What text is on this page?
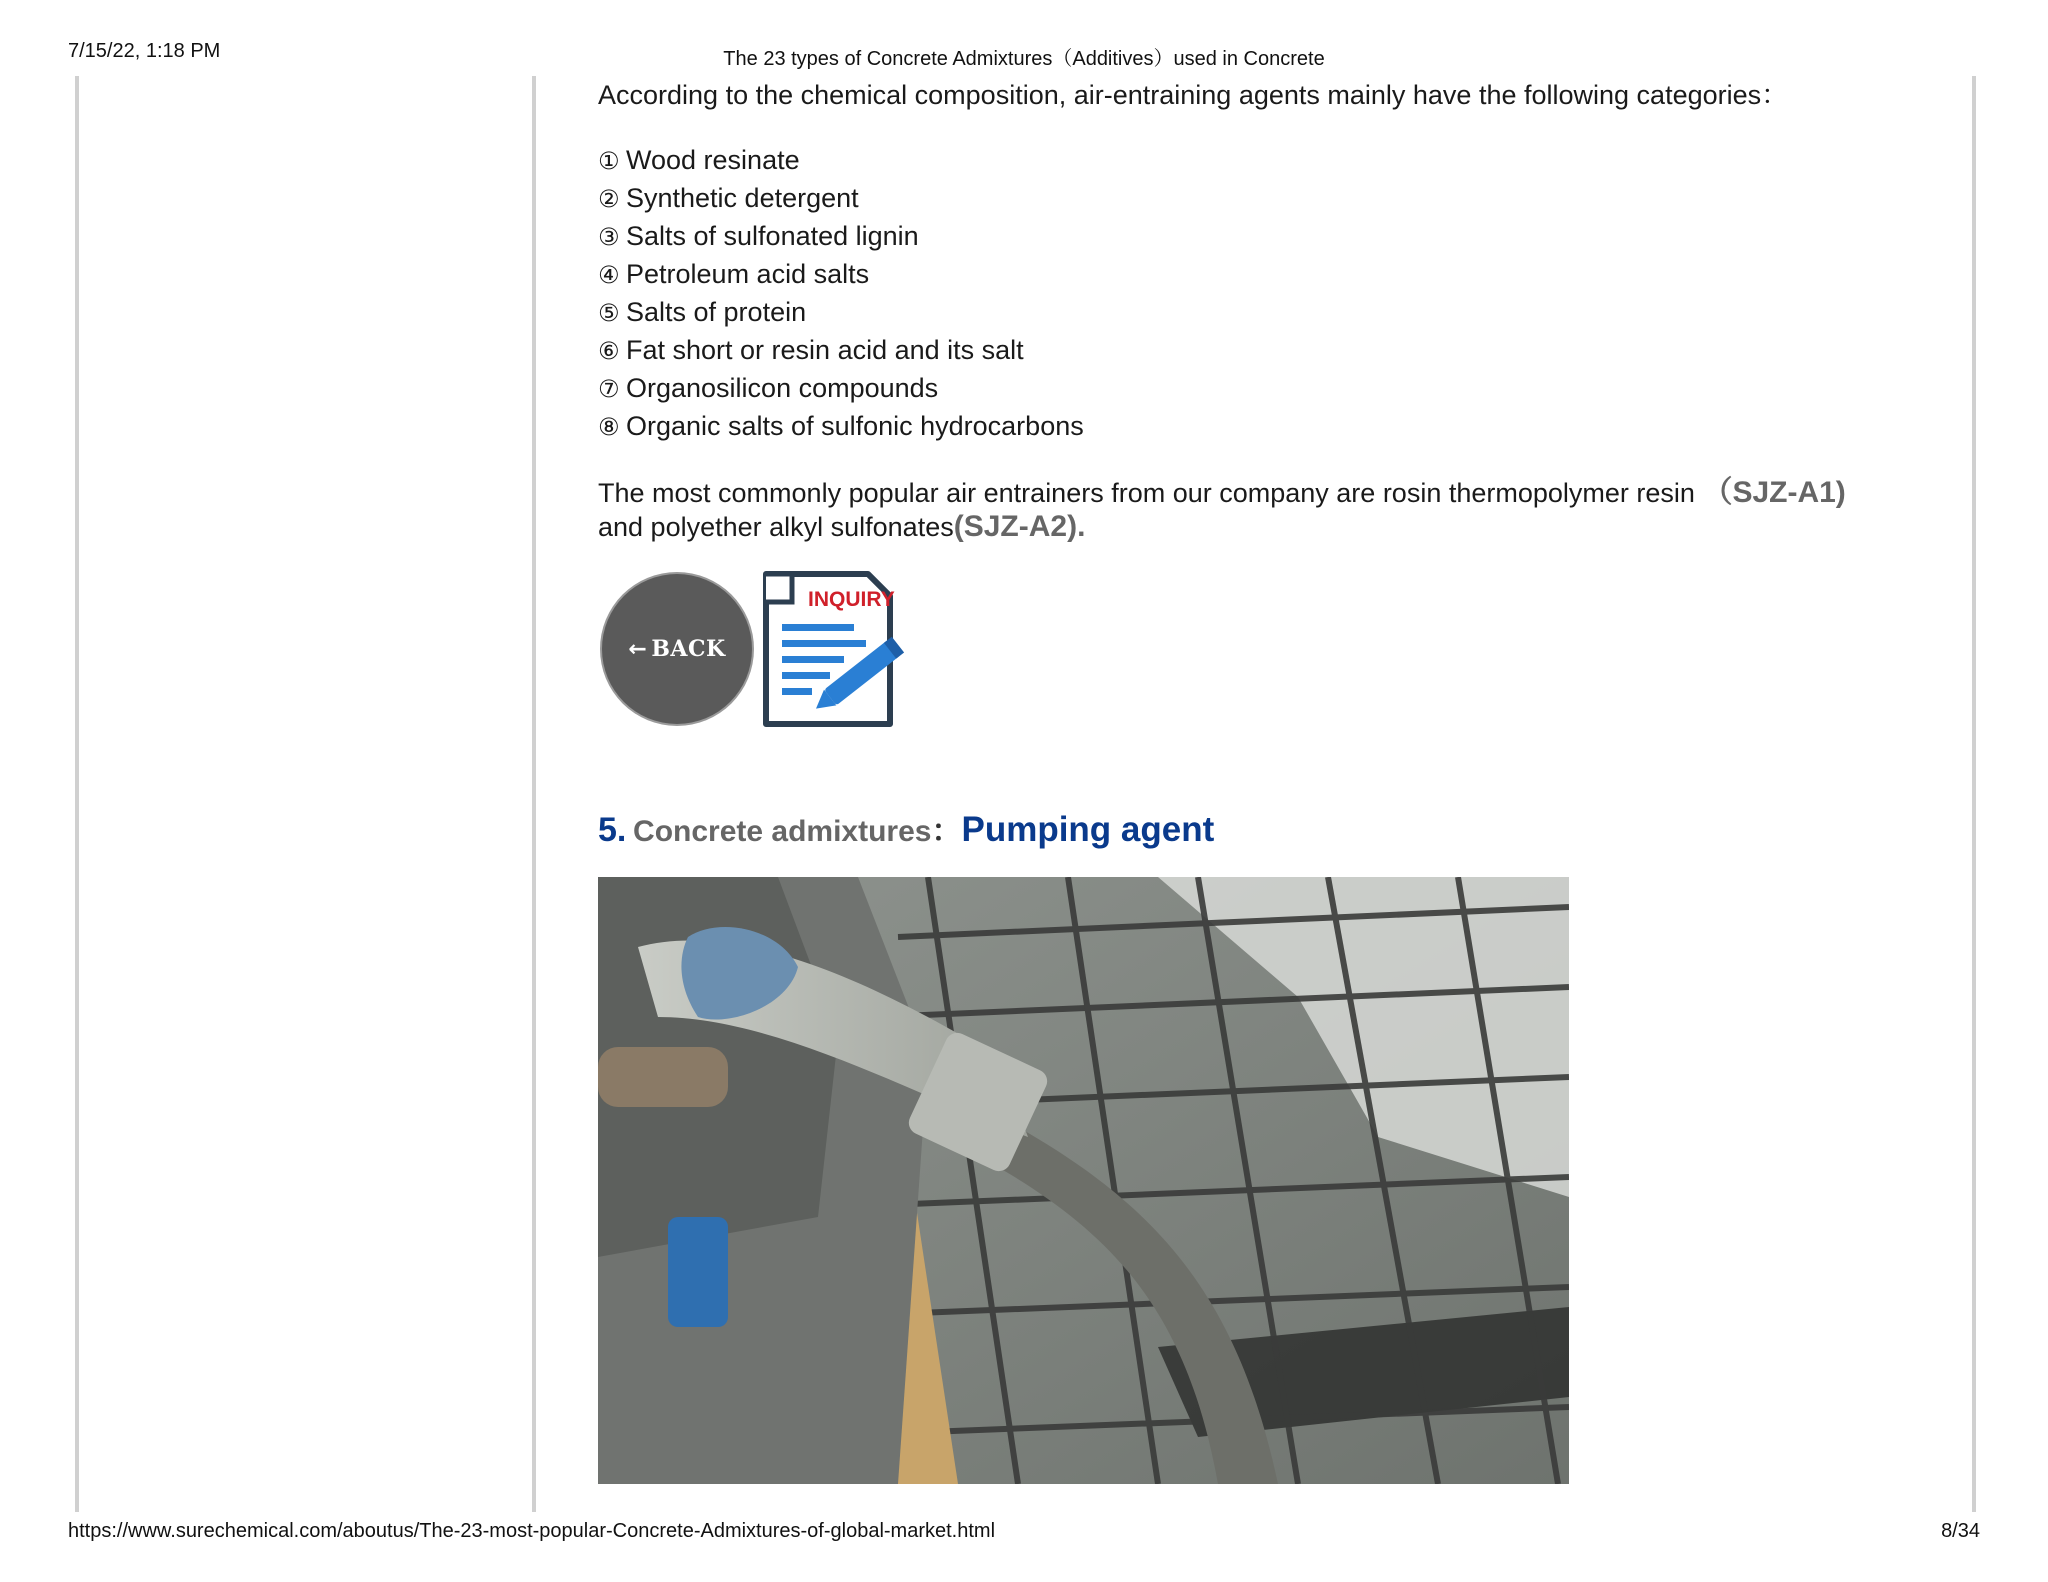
7/15/22, 1:18 PM	The 23 types of Concrete Admixtures（Additives）used in Concrete

According to the chemical composition, air-entraining agents mainly have the following categories：

① Wood resinate
② Synthetic detergent
③ Salts of sulfonated lignin
④ Petroleum acid salts
⑤ Salts of protein
⑥ Fat short or resin acid and its salt
⑦ Organosilicon compounds
⑧ Organic salts of sulfonic hydrocarbons

The most commonly popular air entrainers from our company are rosin thermopolymer resin （SJZ-A1)
and polyether alkyl sulfonates(SJZ-A2).

← BACK
INQUIRY
5. Concrete admixtures：Pumping agent
https://www.surechemical.com/aboutus/The-23-most-popular-Concrete-Admixtures-of-global-market.html	8/34
